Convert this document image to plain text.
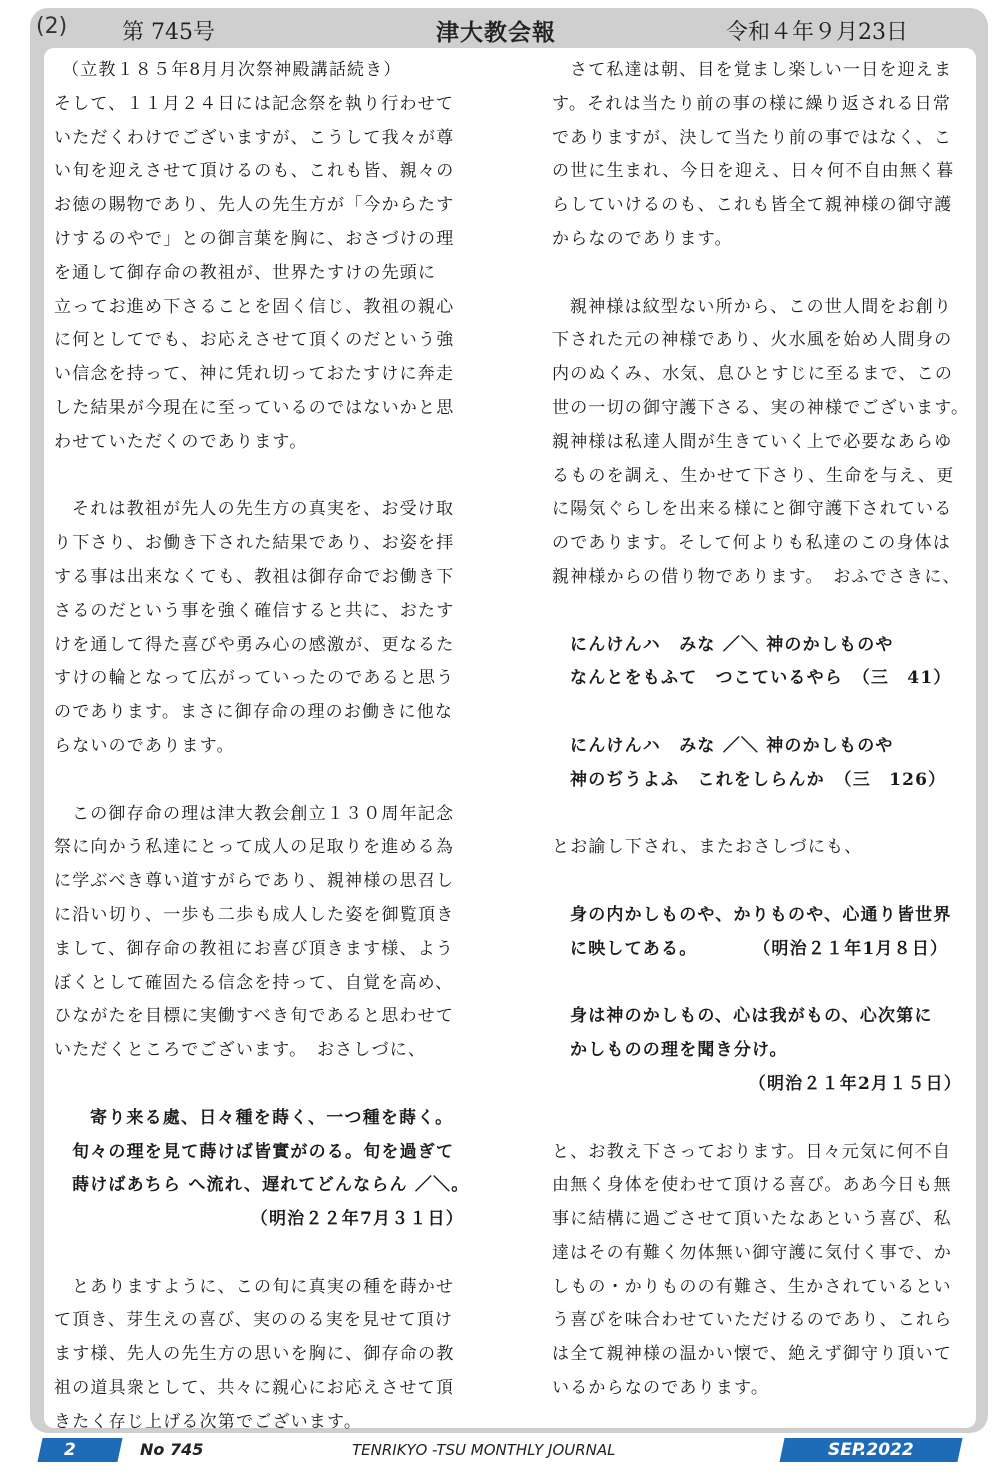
(2) 第 745号	津大教会報	令和４年９月23日

（立教１８５年8月月次祭神殿講話続き）

そして、１１月２４日には記念祭を執り行わせて

いただくわけでございますが、こうして我々が尊

い旬を迎えさせて頂けるのも、これも皆、親々の

お徳の賜物であり、先人の先生方が「今からたす

けするのやで」との御言葉を胸に、おさづけの理

を通して御存命の教祖が、世界たすけの先頭に

立ってお進め下さることを固く信じ、教祖の親心

に何としてでも、お応えさせて頂くのだという強

い信念を持って、神に凭れ切っておたすけに奔走

した結果が今現在に至っているのではないかと思

わせていただくのであります。

それは教祖が先人の先生方の真実を、お受け取

り下さり、お働き下された結果であり、お姿を拝

する事は出来なくても、教祖は御存命でお働き下

さるのだという事を強く確信すると共に、おたす

けを通して得た喜びや勇み心の感激が、更なるた

すけの輪となって広がっていったのであると思う

のであります。まさに御存命の理のお働きに他な

らないのであります。

この御存命の理は津大教会創立１３０周年記念

祭に向かう私達にとって成人の足取りを進める為

に学ぶべき尊い道すがらであり、親神様の思召し

に沿い切り、一歩も二歩も成人した姿を御覧頂き

まして、御存命の教祖にお喜び頂きます様、よう

ぼくとして確固たる信念を持って、自覚を高め、

ひながたを目標に実働すべき旬であると思わせて

いただくところでございます。　おさしづに、

寄り来る處、日々種を蒔く、一つ種を蒔く。

旬々の理を見て蒔けば皆實がのる。旬を過ぎて

蒔けばあちら へ流れ、遅れてどんならん ／＼。

（明治２２年7月３１日）

とありますように、この旬に真実の種を蒔かせ

て頂き、芽生えの喜び、実ののる実を見せて頂け

ます様、先人の先生方の思いを胸に、御存命の教

祖の道具衆として、共々に親心にお応えさせて頂

きたく存じ上げる次第でございます。

さて私達は朝、目を覚まし楽しい一日を迎えま

す。それは当たり前の事の様に繰り返される日常

でありますが、決して当たり前の事ではなく、こ

の世に生まれ、今日を迎え、日々何不自由無く暮

らしていけるのも、これも皆全て親神様の御守護

からなのであります。

親神様は紋型ない所から、この世人間をお創り

下された元の神様であり、火水風を始め人間身の

内のぬくみ、水気、息ひとすじに至るまで、この

世の一切の御守護下さる、実の神様でございます。

親神様は私達人間が生きていく上で必要なあらゆ

るものを調え、生かせて下さり、生命を与え、更

に陽気ぐらしを出来る様にと御守護下されている

のであります。そして何よりも私達のこの身体は

親神様からの借り物であります。　おふでさきに、

にんけんハ　みな ／＼ 神のかしものや

なんとをもふて　つこているやら　（三　41）

にんけんハ　みな ／＼ 神のかしものや

神のぢうよふ　これをしらんか　（三　126）

とお諭し下され、またおさしづにも、

身の内かしものや、かりものや、心通り皆世界

に映してある。　　　　（明治２１年1月８日）

身は神のかしもの、心は我がもの、心次第に

かしものの理を聞き分け。

（明治２１年2月１５日）

と、お教え下さっております。日々元気に何不自

由無く身体を使わせて頂ける喜び。ああ今日も無

事に結構に過ごさせて頂いたなあという喜び、私

達はその有難く勿体無い御守護に気付く事で、か

しもの・かりものの有難さ、生かされているとい

う喜びを味合わせていただけるのであり、これら

は全て親神様の温かい懐で、絶えず御守り頂いて

いるからなのであります。

2	No 745	TENRIKYO -TSU MONTHLY JOURNAL	SEP.2022
